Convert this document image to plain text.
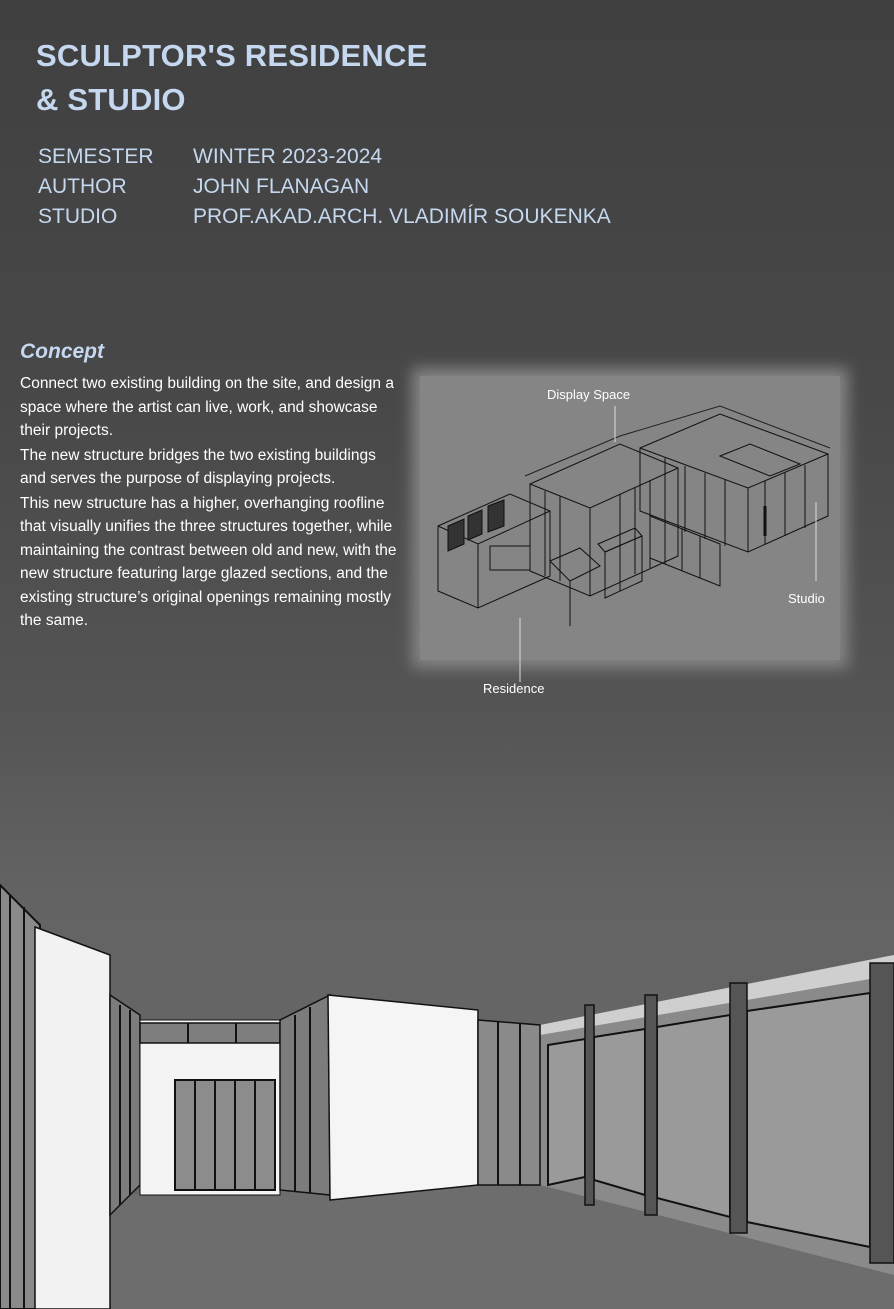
SCULPTOR'S RESIDENCE
& STUDIO
SEMESTER	WINTER 2023-2024
AUTHOR	JOHN FLANAGAN
STUDIO	PROF.AKAD.ARCH. VLADIMÍR SOUKENKA
Concept

Connect two existing building on the site, and design a space where the artist can live, work, and showcase their projects.

The new structure bridges the two existing buildings and serves the purpose of displaying projects.

This new structure has a higher, overhanging roofline that visually unifies the three structures together, while maintaining the contrast between old and new, with the new structure featuring large glazed sections, and the existing structure’s original openings remaining mostly the same.

Display Space
Studio
Residence
